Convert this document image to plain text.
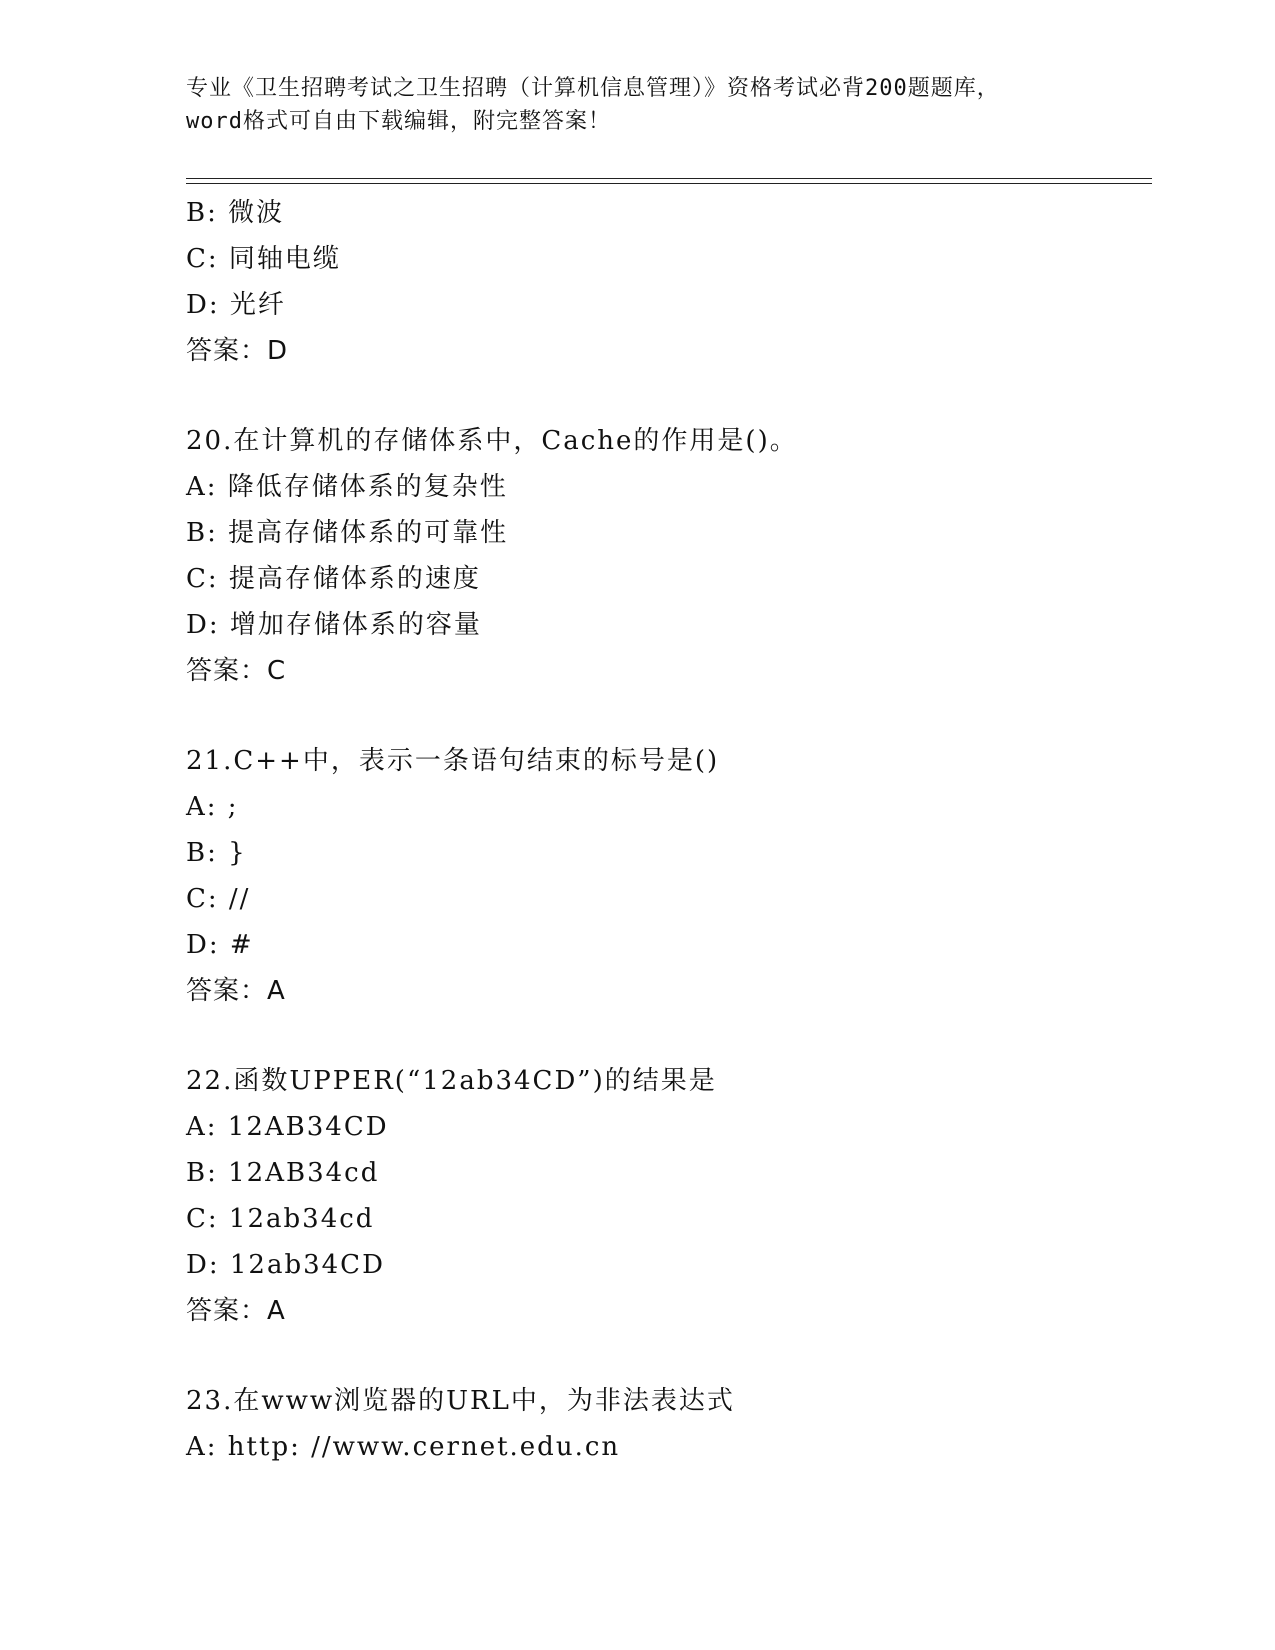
专业《卫生招聘考试之卫生招聘（计算机信息管理）》资格考试必背200题题库，
word格式可自由下载编辑，附完整答案！
B: 微波
C: 同轴电缆
D: 光纤
答案：D
20.在计算机的存储体系中，Cache的作用是()。
A: 降低存储体系的复杂性
B: 提高存储体系的可靠性
C: 提高存储体系的速度
D: 增加存储体系的容量
答案：C
21.C++中，表示一条语句结束的标号是()
A: ;
B: }
C: //
D: #
答案：A
22.函数UPPER(“12ab34CD”)的结果是
A: 12AB34CD
B: 12AB34cd
C: 12ab34cd
D: 12ab34CD
答案：A
23.在www浏览器的URL中，为非法表达式
A: http: //www.cernet.edu.cn
